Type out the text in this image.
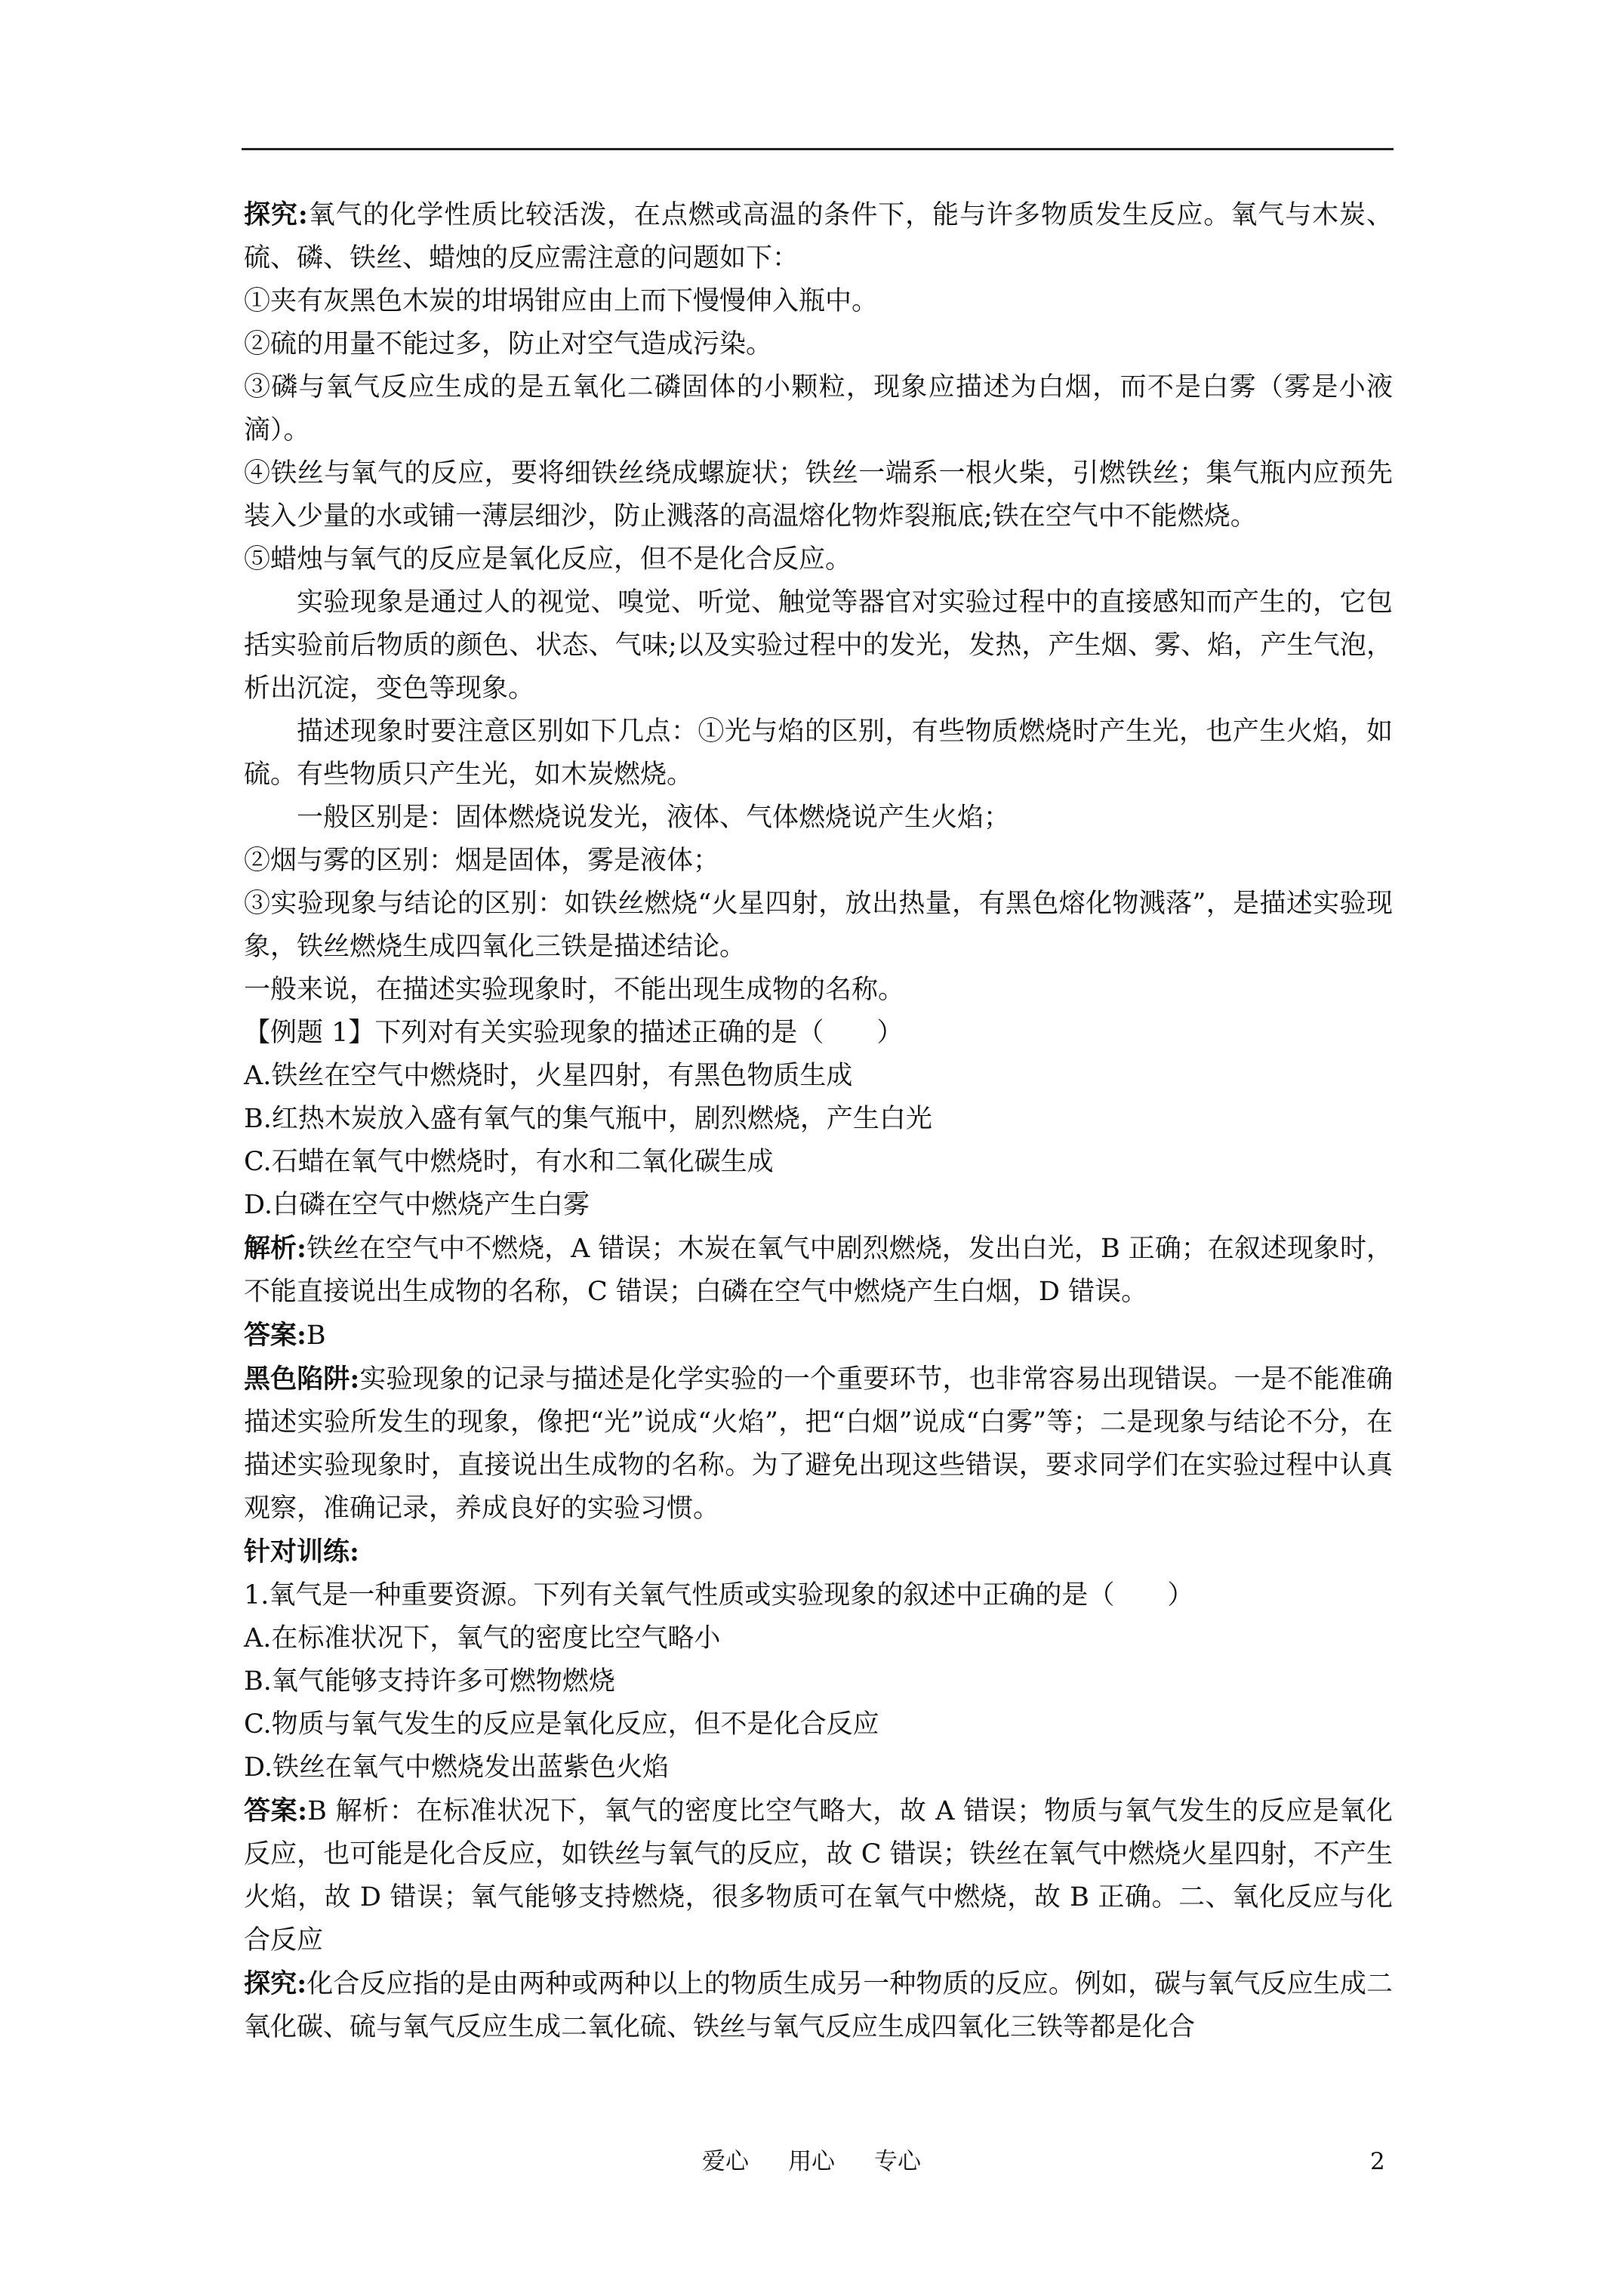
探究:氧气的化学性质比较活泼，在点燃或高温的条件下，能与许多物质发生反应。氧气与木炭、硫、磷、铁丝、蜡烛的反应需注意的问题如下：

①夹有灰黑色木炭的坩埚钳应由上而下慢慢伸入瓶中。

②硫的用量不能过多，防止对空气造成污染。

③磷与氧气反应生成的是五氧化二磷固体的小颗粒，现象应描述为白烟，而不是白雾（雾是小液滴）。

④铁丝与氧气的反应，要将细铁丝绕成螺旋状；铁丝一端系一根火柴，引燃铁丝；集气瓶内应预先装入少量的水或铺一薄层细沙，防止溅落的高温熔化物炸裂瓶底;铁在空气中不能燃烧。

⑤蜡烛与氧气的反应是氧化反应，但不是化合反应。

实验现象是通过人的视觉、嗅觉、听觉、触觉等器官对实验过程中的直接感知而产生的，它包括实验前后物质的颜色、状态、气味;以及实验过程中的发光，发热，产生烟、雾、焰，产生气泡，析出沉淀，变色等现象。

描述现象时要注意区别如下几点：①光与焰的区别，有些物质燃烧时产生光，也产生火焰，如硫。有些物质只产生光，如木炭燃烧。

一般区别是：固体燃烧说发光，液体、气体燃烧说产生火焰；

②烟与雾的区别：烟是固体，雾是液体；

③实验现象与结论的区别：如铁丝燃烧“火星四射，放出热量，有黑色熔化物溅落”，是描述实验现象，铁丝燃烧生成四氧化三铁是描述结论。

一般来说，在描述实验现象时，不能出现生成物的名称。

【例题 1】下列对有关实验现象的描述正确的是（　　）

A.铁丝在空气中燃烧时，火星四射，有黑色物质生成

B.红热木炭放入盛有氧气的集气瓶中，剧烈燃烧，产生白光

C.石蜡在氧气中燃烧时，有水和二氧化碳生成

D.白磷在空气中燃烧产生白雾

解析:铁丝在空气中不燃烧，A 错误；木炭在氧气中剧烈燃烧，发出白光，B 正确；在叙述现象时，不能直接说出生成物的名称，C 错误；白磷在空气中燃烧产生白烟，D 错误。

答案:B

黑色陷阱:实验现象的记录与描述是化学实验的一个重要环节，也非常容易出现错误。一是不能准确描述实验所发生的现象，像把“光”说成“火焰”，把“白烟”说成“白雾”等；二是现象与结论不分，在描述实验现象时，直接说出生成物的名称。为了避免出现这些错误，要求同学们在实验过程中认真观察，准确记录，养成良好的实验习惯。

针对训练:

1.氧气是一种重要资源。下列有关氧气性质或实验现象的叙述中正确的是（　　）

A.在标准状况下，氧气的密度比空气略小

B.氧气能够支持许多可燃物燃烧

C.物质与氧气发生的反应是氧化反应，但不是化合反应

D.铁丝在氧气中燃烧发出蓝紫色火焰

答案:B 解析：在标准状况下，氧气的密度比空气略大，故 A 错误；物质与氧气发生的反应是氧化反应，也可能是化合反应，如铁丝与氧气的反应，故 C 错误；铁丝在氧气中燃烧火星四射，不产生火焰，故 D 错误；氧气能够支持燃烧，很多物质可在氧气中燃烧，故 B 正确。二、氧化反应与化合反应

探究:化合反应指的是由两种或两种以上的物质生成另一种物质的反应。例如，碳与氧气反应生成二氧化碳、硫与氧气反应生成二氧化硫、铁丝与氧气反应生成四氧化三铁等都是化合

爱心 用心 专心	2
